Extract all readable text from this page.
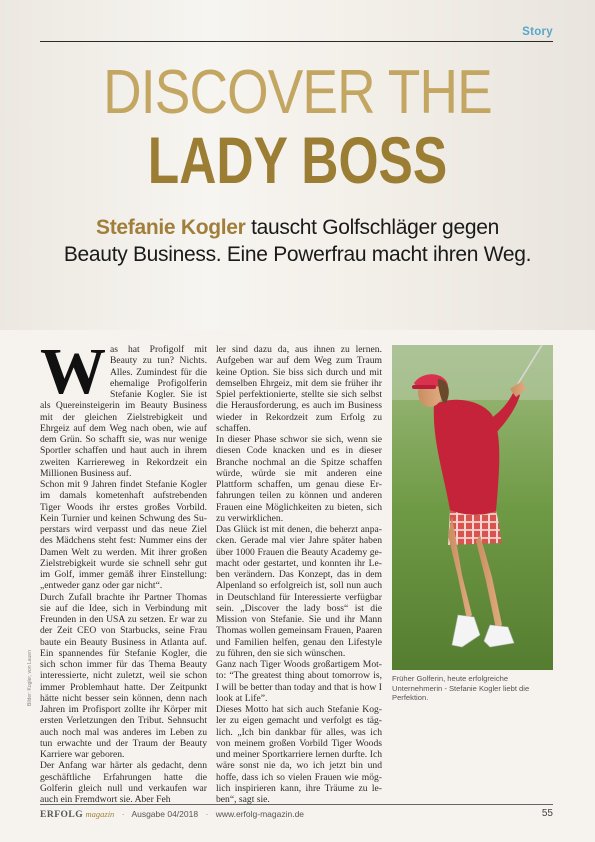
Story
DISCOVER THE
LADY BOSS
Stefanie Kogler tauscht Golfschläger gegen
Beauty Business. Eine Powerfrau macht ihren Weg.
W as hat Profigolf mit Beauty zu tun? Nichts. Alles. Zumindest für die ehemalige Profigolferin Stefanie Kogler. Sie ist als Quereinsteigerin im Beauty Business mit der gleichen Zielstrebigkeit und Ehrgeiz auf dem Weg nach oben, wie auf dem Grün. So schafft sie, was nur wenige Sportler schaffen und haut auch in ihrem zweiten Karriereweg in Rekordzeit ein Millionen Business auf.

Schon mit 9 Jahren findet Stefanie Kogler im damals kometenhaft aufstrebenden Tiger Woods ihr erstes großes Vorbild. Kein Turnier und keinen Schwung des Superstars wird verpasst und das neue Ziel des Mädchens steht fest: Nummer eins der Damen Welt zu werden. Mit ihrer großen Zielstrebigkeit wurde sie schnell sehr gut im Golf, immer gemäß ihrer Einstellung: „entweder ganz oder gar nicht“.

Durch Zufall brachte ihr Partner Thomas sie auf die Idee, sich in Verbindung mit Freunden in den USA zu setzen. Er war zu der Zeit CEO von Starbucks, seine Frau baute ein Beauty Business in Atlanta auf. Ein spannendes für Stefanie Kogler, die sich schon immer für das Thema Beauty interessierte, nicht zuletzt, weil sie schon immer Problemhaut hatte. Der Zeitpunkt hätte nicht besser sein können, denn nach Jahren im Profisport zollte ihr Körper mit ersten Verletzungen den Tribut. Sehnsucht auch noch mal was anderes im Leben zu tun erwachte und der Traum der Beauty Karriere war geboren.

Der Anfang war härter als gedacht, denn geschäftliche Erfahrungen hatte die Golferin gleich null und verkaufen war auch ein Fremdwort sie. Aber Feh

ler sind dazu da, aus ihnen zu lernen. Aufgeben war auf dem Weg zum Traum keine Option. Sie biss sich durch und mit demselben Ehrgeiz, mit dem sie früher ihr Spiel perfektionierte, stellte sie sich selbst die Herausforderung, es auch im Business wieder in Rekordzeit zum Erfolg zu schaffen.

In dieser Phase schwor sie sich, wenn sie diesen Code knacken und es in dieser Branche nochmal an die Spitze schaffen würde, würde sie mit anderen eine Plattform schaffen, um genau diese Erfahrungen teilen zu können und anderen Frauen eine Möglichkeiten zu bieten, sich zu verwirklichen.

Das Glück ist mit denen, die beherzt anpacken. Gerade mal vier Jahre später haben über 1000 Frauen die Beauty Academy gemacht oder gestartet, und konnten ihr Leben verändern. Das Konzept, das in dem Alpenland so erfolgreich ist, soll nun auch in Deutschland für Interessierte verfügbar sein. „Discover the lady boss“ ist die Mission von Stefanie. Sie und ihr Mann Thomas wollen gemeinsam Frauen, Paaren und Familien helfen, genau den Lifestyle zu führen, den sie sich wünschen.

Ganz nach Tiger Woods großartigem Motto: “The greatest thing about tomorrow is, I will be better than today and that is how I look at Life”.

Dieses Motto hat sich auch Stefanie Kogler zu eigen gemacht und verfolgt es täglich. „Ich bin dankbar für alles, was ich von meinem großen Vorbild Tiger Woods und meiner Sportkarriere lernen durfte. Ich wäre sonst nie da, wo ich jetzt bin und hoffe, dass ich so vielen Frauen wie möglich inspirieren kann, ihre Träume zu leben“, sagt sie.

Bilder: Kogler, von Lauen	Früher Golferin, heute erfolgreiche Unternehmerin - Stefanie Kogler liebt die Perfektion.
ERFOLG magazin · Ausgabe 04/2018 · www.erfolg-magazin.de	55
